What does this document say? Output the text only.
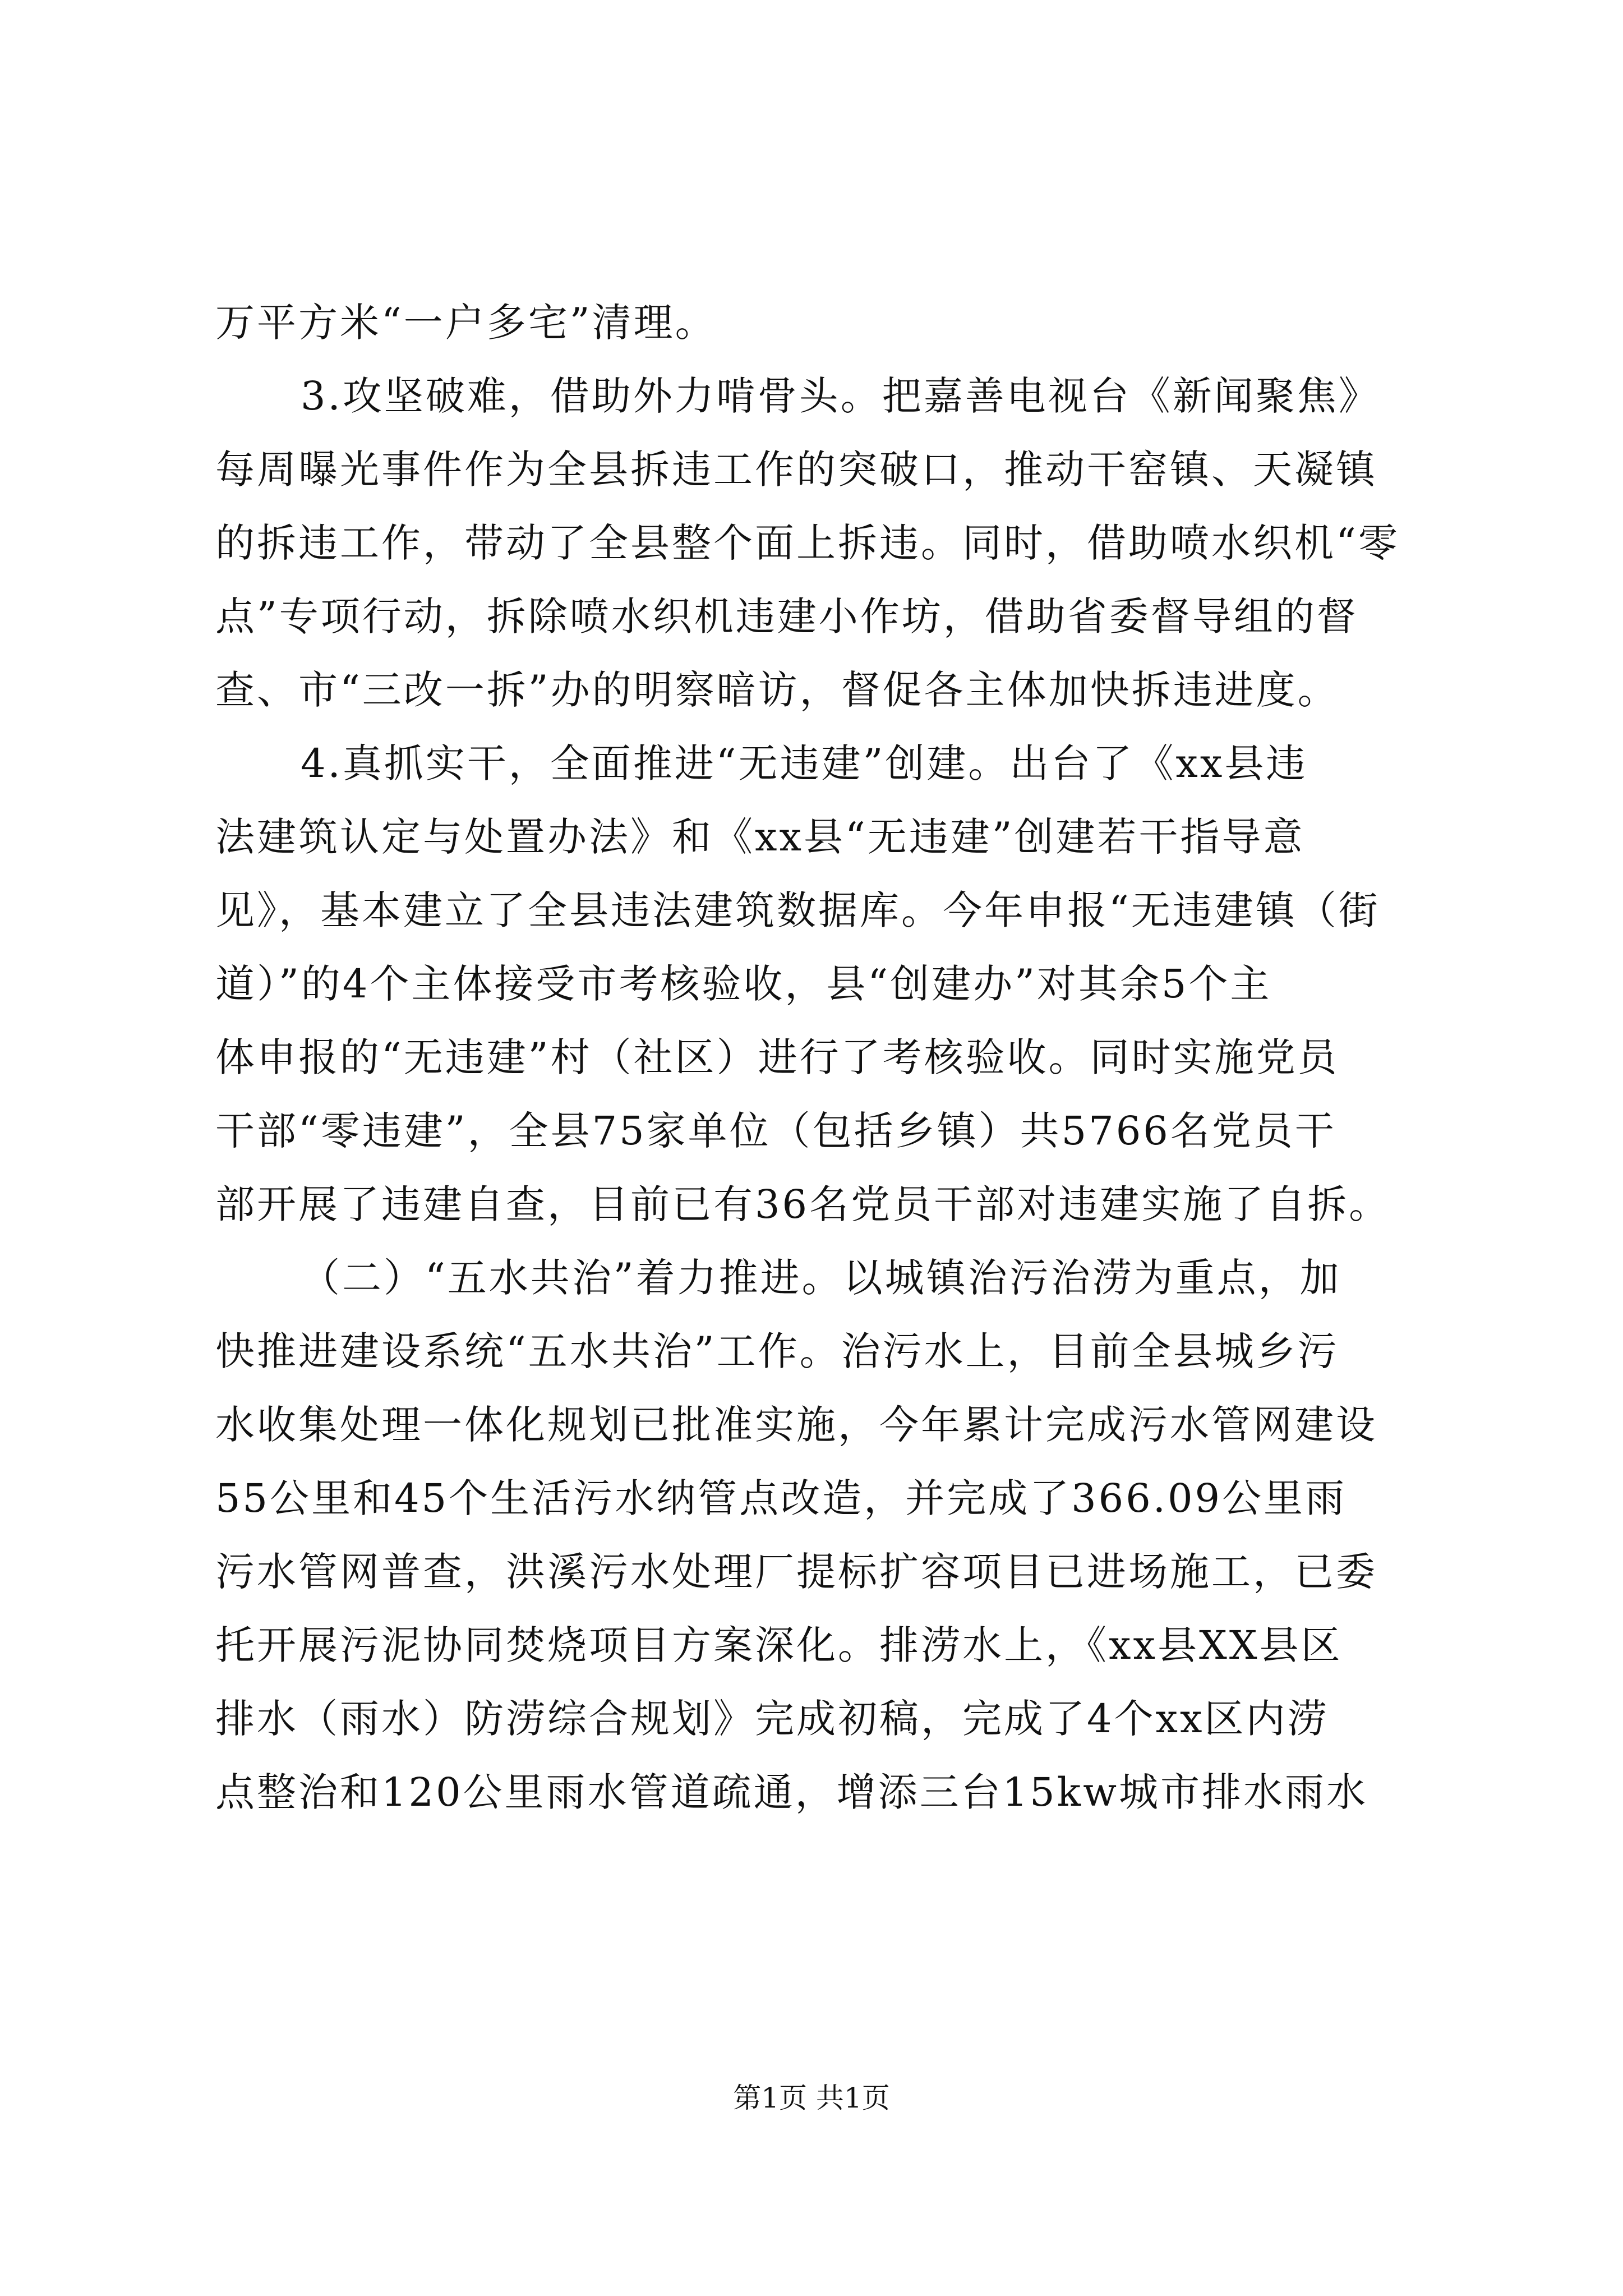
万平方米“一户多宅”清理。
3.攻坚破难，借助外力啃骨头。把嘉善电视台《新闻聚焦》
每周曝光事件作为全县拆违工作的突破口，推动干窑镇、天凝镇
的拆违工作，带动了全县整个面上拆违。同时，借助喷水织机“零
点”专项行动，拆除喷水织机违建小作坊，借助省委督导组的督
查、市“三改一拆”办的明察暗访，督促各主体加快拆违进度。
4.真抓实干，全面推进“无违建”创建。出台了《xx县违
法建筑认定与处置办法》和《xx县“无违建”创建若干指导意
见》，基本建立了全县违法建筑数据库。今年申报“无违建镇（街
道）”的4个主体接受市考核验收，县“创建办”对其余5个主
体申报的“无违建”村（社区）进行了考核验收。同时实施党员
干部“零违建”，全县75家单位（包括乡镇）共5766名党员干
部开展了违建自查，目前已有36名党员干部对违建实施了自拆。
（二）“五水共治”着力推进。以城镇治污治涝为重点，加
快推进建设系统“五水共治”工作。治污水上，目前全县城乡污
水收集处理一体化规划已批准实施，今年累计完成污水管网建设
55公里和45个生活污水纳管点改造，并完成了366.09公里雨
污水管网普查，洪溪污水处理厂提标扩容项目已进场施工，已委
托开展污泥协同焚烧项目方案深化。排涝水上，《xx县XX县区
排水（雨水）防涝综合规划》完成初稿，完成了4个xx区内涝
点整治和120公里雨水管道疏通，增添三台15kw城市排水雨水
第1页 共1页
